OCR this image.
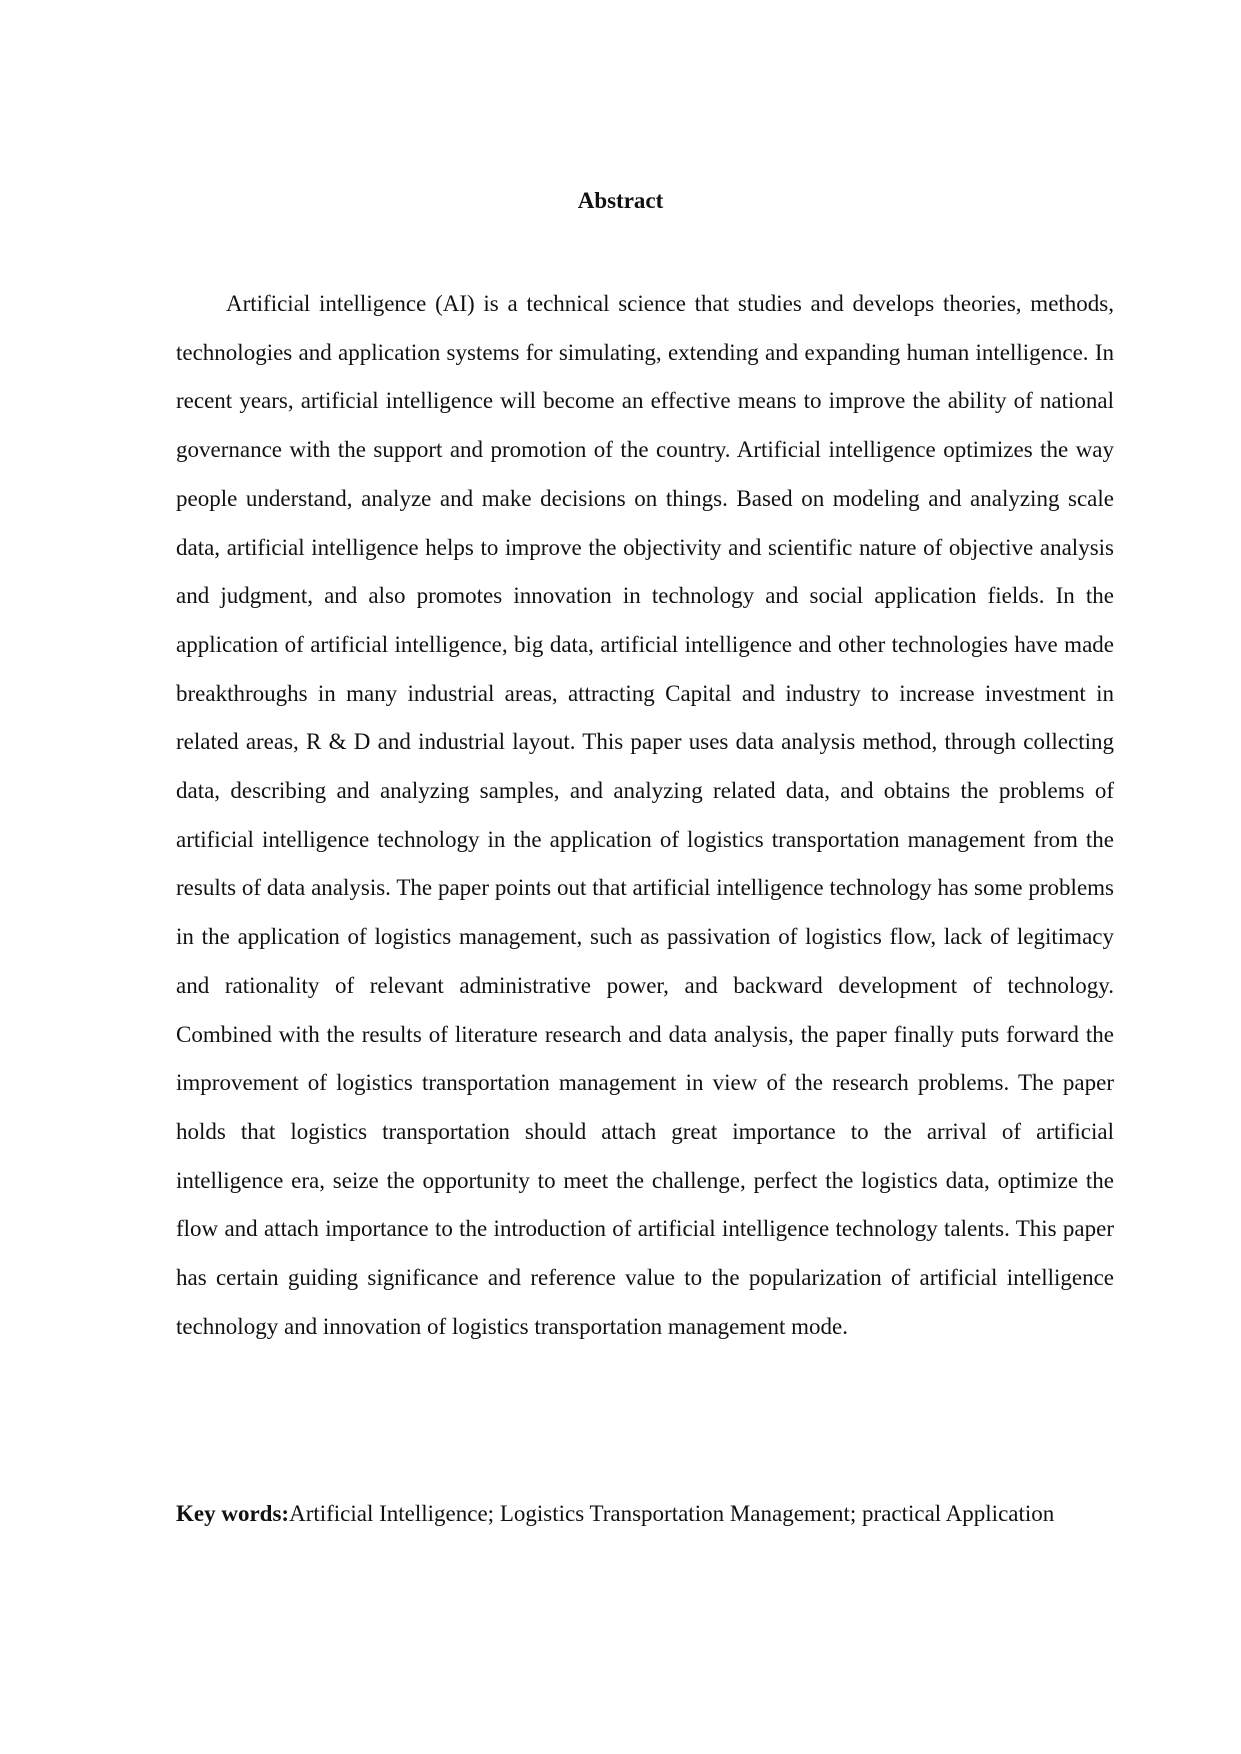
Abstract

Artificial intelligence (AI) is a technical science that studies and develops theories, methods, technologies and application systems for simulating, extending and expanding human intelligence. In recent years, artificial intelligence will become an effective means to improve the ability of national governance with the support and promotion of the country. Artificial intelligence optimizes the way people understand, analyze and make decisions on things. Based on modeling and analyzing scale data, artificial intelligence helps to improve the objectivity and scientific nature of objective analysis and judgment, and also promotes innovation in technology and social application fields. In the application of artificial intelligence, big data, artificial intelligence and other technologies have made breakthroughs in many industrial areas, attracting Capital and industry to increase investment in related areas, R & D and industrial layout. This paper uses data analysis method, through collecting data, describing and analyzing samples, and analyzing related data, and obtains the problems of artificial intelligence technology in the application of logistics transportation management from the results of data analysis. The paper points out that artificial intelligence technology has some problems in the application of logistics management, such as passivation of logistics flow, lack of legitimacy and rationality of relevant administrative power, and backward development of technology. Combined with the results of literature research and data analysis, the paper finally puts forward the improvement of logistics transportation management in view of the research problems. The paper holds that logistics transportation should attach great importance to the arrival of artificial intelligence era, seize the opportunity to meet the challenge, perfect the logistics data, optimize the flow and attach importance to the introduction of artificial intelligence technology talents. This paper has certain guiding significance and reference value to the popularization of artificial intelligence technology and innovation of logistics transportation management mode.

Key words:Artificial Intelligence; Logistics Transportation Management; practical Application
